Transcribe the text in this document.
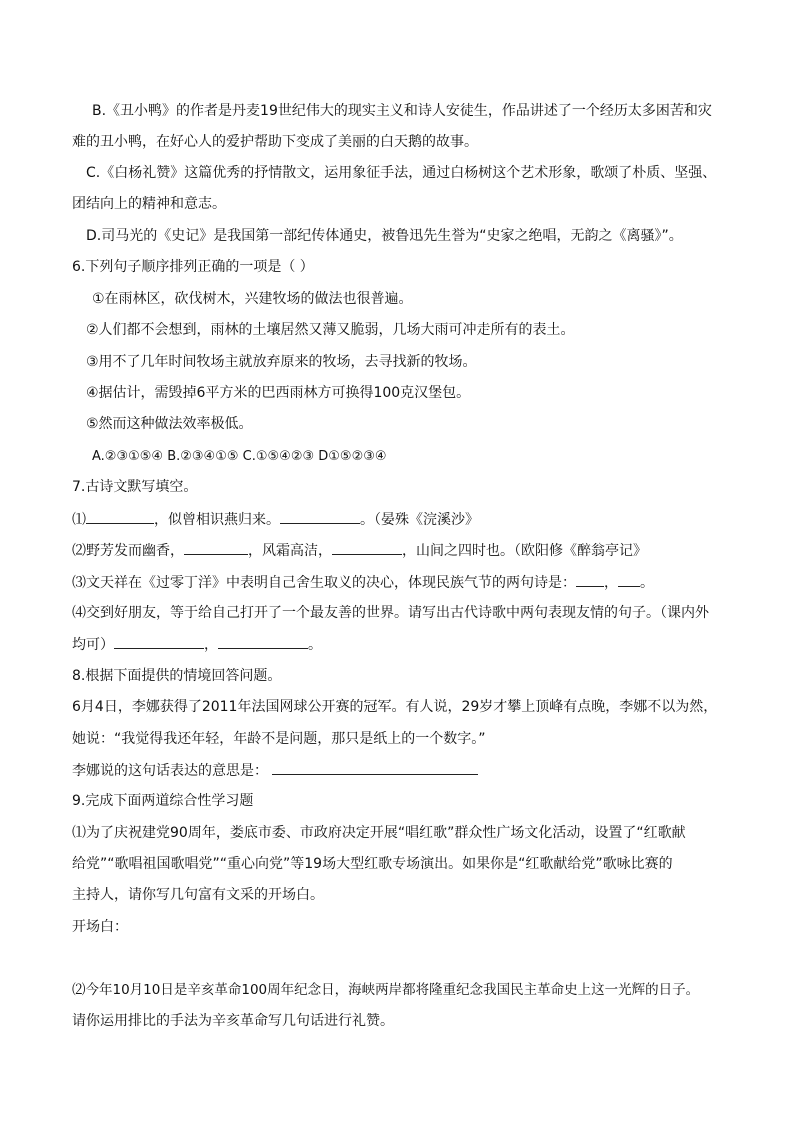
B.《丑小鸭》的作者是丹麦19世纪伟大的现实主义和诗人安徒生，作品讲述了一个经历太多困苦和灾
难的丑小鸭，在好心人的爱护帮助下变成了美丽的白天鹅的故事。
C.《白杨礼赞》这篇优秀的抒情散文，运用象征手法，通过白杨树这个艺术形象，歌颂了朴质、坚强、
团结向上的精神和意志。
D.司马光的《史记》是我国第一部纪传体通史，被鲁迅先生誉为“史家之绝唱，无韵之《离骚》”。
6.下列句子顺序排列正确的一项是（ ）
①在雨林区，砍伐树木，兴建牧场的做法也很普遍。
②人们都不会想到，雨林的土壤居然又薄又脆弱，几场大雨可冲走所有的表土。
③用不了几年时间牧场主就放弃原来的牧场，去寻找新的牧场。
④据估计，需毁掉6平方米的巴西雨林方可换得100克汉堡包。
⑤然而这种做法效率极低。
A.②③①⑤④ B.②③④①⑤ C.①⑤④②③ D①⑤②③④
7.古诗文默写填空。
⑴	，似曾相识燕归来。	。（晏殊《浣溪沙》
⑵野芳发而幽香，	，风霜高洁，	，山间之四时也。（欧阳修《醉翁亭记》
⑶文天祥在《过零丁洋》中表明自己舍生取义的决心，体现民族气节的两句诗是： ， 。
⑷交到好朋友，等于给自己打开了一个最友善的世界。请写出古代诗歌中两句表现友情的句子。（课内外
均可）	，	。
8.根据下面提供的情境回答问题。
6月4日，李娜获得了2011年法国网球公开赛的冠军。有人说，29岁才攀上顶峰有点晚，李娜不以为然，
她说：“我觉得我还年轻，年龄不是问题，那只是纸上的一个数字。”
李娜说的这句话表达的意思是：
9.完成下面两道综合性学习题
⑴为了庆祝建党90周年，娄底市委、市政府决定开展“唱红歌”群众性广场文化活动，设置了“红歌献
给党”“歌唱祖国歌唱党”“重心向党”等19场大型红歌专场演出。如果你是“红歌献给党”歌咏比赛的
主持人，请你写几句富有文采的开场白。
开场白：
⑵今年10月10日是辛亥革命100周年纪念日，海峡两岸都将隆重纪念我国民主革命史上这一光辉的日子。
请你运用排比的手法为辛亥革命写几句话进行礼赞。
